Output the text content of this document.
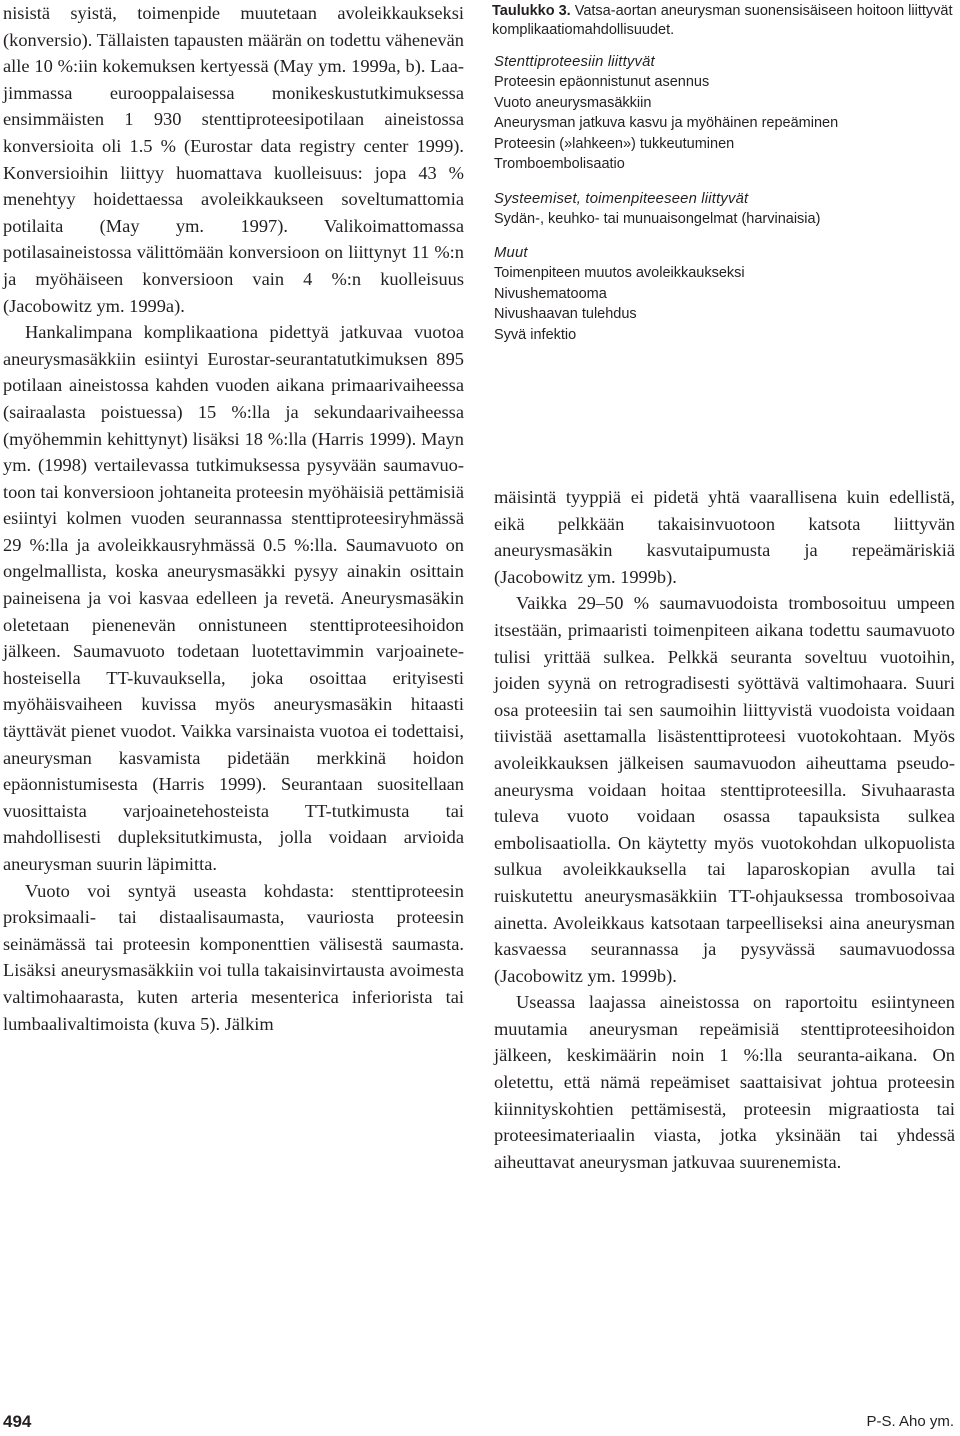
nisistä syistä, toimenpide muutetaan avoleikkaukseksi (konversio). Tällaisten tapausten määrän on todettu vähenevän alle 10 %:iin kokemuksen kertyessä (May ym. 1999a, b). Laajimmassa eurooppalaisessa monikeskustutkimuksessa ensimmäisten 1 930 stenttiproteesipotilaan aineistossa konversioita oli 1.5 % (Eurostar data registry center 1999). Konversioihin liittyy huomattava kuolleisuus: jopa 43 % menehtyy hoidettaessa avoleikkaukseen soveltumattomia potilaita (May ym. 1997). Valikoimattomassa potilasaineistossa välittömään konversioon on liittynyt 11 %:n ja myöhäiseen konversioon vain 4 %:n kuolleisuus (Jacobowitz ym. 1999a).

Hankalimpana komplikaationa pidettyä jatkuvaa vuotoa aneurysmasäkkiin esiintyi Eurostar-seurantatutkimuksen 895 potilaan aineistossa kahden vuoden aikana primaarivaiheessa (sairaalasta poistuessa) 15 %:lla ja sekundaarivaiheessa (myöhemmin kehittynyt) lisäksi 18 %:lla (Harris 1999). Mayn ym. (1998) vertailevassa tutkimuksessa pysyvään saumavuotoon tai konversioon johtaneita proteesin myöhäisiä pettämisiä esiintyi kolmen vuoden seurannassa stenttiproteesiryhmässä 29 %:lla ja avoleikkausryhmässä 0.5 %:lla. Saumavuoto on ongelmallista, koska aneurysmasäkki pysyy ainakin osittain paineisena ja voi kasvaa edelleen ja revetä. Aneurysmasäkin oletetaan pienenevän onnistuneen stenttiproteesihoidon jälkeen. Saumavuoto todetaan luotettavimmin varjoainetehosteisella TT-kuvauksella, joka osoittaa erityisesti myöhäisvaiheen kuvissa myös aneurysmasäkin hitaasti täyttävät pienet vuodot. Vaikka varsinaista vuotoa ei todettaisi, aneurysman kasvamista pidetään merkkinä hoidon epäonnistumisesta (Harris 1999). Seurantaan suositellaan vuosittaista varjoainetehosteista TT-tutkimusta tai mahdollisesti dupleksitutkimusta, jolla voidaan arvioida aneurysman suurin läpimitta.

Vuoto voi syntyä useasta kohdasta: stenttiproteesin proksimaali- tai distaalisaumasta, vauriosta proteesin seinämässä tai proteesin komponenttien välisestä saumasta. Lisäksi aneurysmasäkkiin voi tulla takaisinvirtausta avoimesta valtimohaarasta, kuten arteria mesenterica inferiorista tai lumbaalivaltimoista (kuva 5). Jälkim

Taulukko 3. Vatsa-aortan aneurysman suonensisäiseen hoitoon liittyvät komplikaatiomahdollisuudet.
Stenttiproteesiin liittyvät
Proteesin epäonnistunut asennus
Vuoto aneurysmasäkkiin
Aneurysman jatkuva kasvu ja myöhäinen repeäminen
Proteesin (»lahkeen») tukkeutuminen
Tromboembolisaatio
Systeemiset, toimenpiteeseen liittyvät
Sydän-, keuhko- tai munuaisongelmat (harvinaisia)
Muut
Toimenpiteen muutos avoleikkaukseksi
Nivushematooma
Nivushaavan tulehdus
Syvä infektio

mäisintä tyyppiä ei pidetä yhtä vaarallisena kuin edellistä, eikä pelkkään takaisinvuotoon katsota liittyvän aneurysmasäkin kasvutaipumusta ja repeämäriskiä (Jacobowitz ym. 1999b).

Vaikka 29–50 % saumavuodoista trombosoituu umpeen itsestään, primaaristi toimenpiteen aikana todettu saumavuoto tulisi yrittää sulkea. Pelkkä seuranta soveltuu vuotoihin, joiden syynä on retrogradisesti syöttävä valtimohaara. Suuri osa proteesiin tai sen saumoihin liittyvistä vuodoista voidaan tiivistää asettamalla lisästenttiproteesi vuotokohtaan. Myös avoleikkauksen jälkeisen saumavuodon aiheuttama pseudoaneurysma voidaan hoitaa stenttiproteesilla. Sivuhaarasta tuleva vuoto voidaan osassa tapauksista sulkea embolisaatiolla. On käytetty myös vuotokohdan ulkopuolista sulkua avoleikkauksella tai laparoskopian avulla tai ruiskutettu aneurysmasäkkiin TT-ohjauksessa trombosoivaa ainetta. Avoleikkaus katsotaan tarpeelliseksi aina aneurysman kasvaessa seurannassa ja pysyvässä saumavuodossa (Jacobowitz ym. 1999b).

Useassa laajassa aineistossa on raportoitu esiintyneen muutamia aneurysman repeämisiä stenttiproteesihoidon jälkeen, keskimäärin noin 1 %:lla seuranta-aikana. On oletettu, että nämä repeämiset saattaisivat johtua proteesin kiinnityskohtien pettämisestä, proteesin migraatiosta tai proteesimateriaalin viasta, jotka yksinään tai yhdessä aiheuttavat aneurysman jatkuvaa suurenemista.

494	P-S. Aho ym.
